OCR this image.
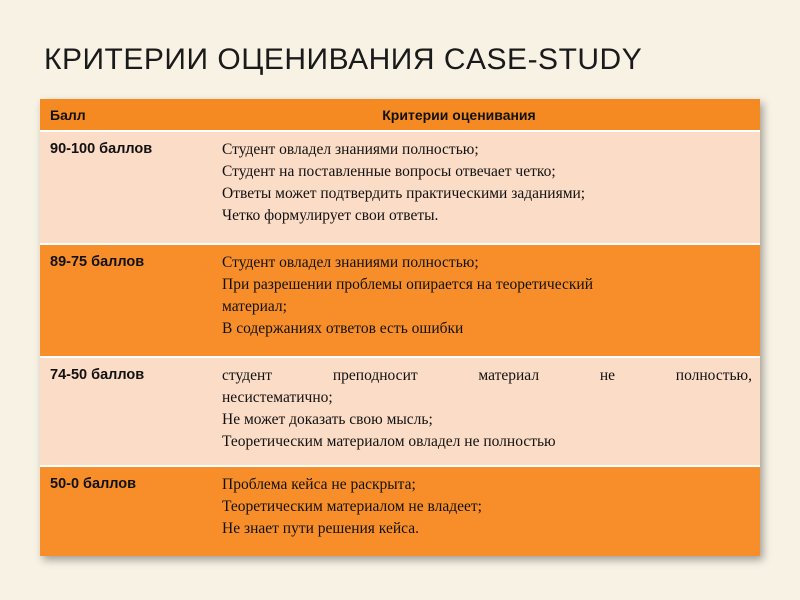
КРИТЕРИИ ОЦЕНИВАНИЯ CASE-STUDY
Балл	Критерии оценивания
90-100 баллов	Студент овладел знаниями полностью;
Студент на поставленные вопросы отвечает четко;
Ответы может подтвердить практическими заданиями;
Четко формулирует свои ответы.
89-75 баллов	Студент овладел знаниями полностью;
При разрешении проблемы опирается на теоретический
материал;
В содержаниях ответов есть ошибки
74-50 баллов	студент преподносит материал не полностью,
несистематично;
Не может доказать свою мысль;
Теоретическим материалом овладел не полностью
50-0 баллов	Проблема кейса не раскрыта;
Теоретическим материалом не владеет;
Не знает пути решения кейса.
